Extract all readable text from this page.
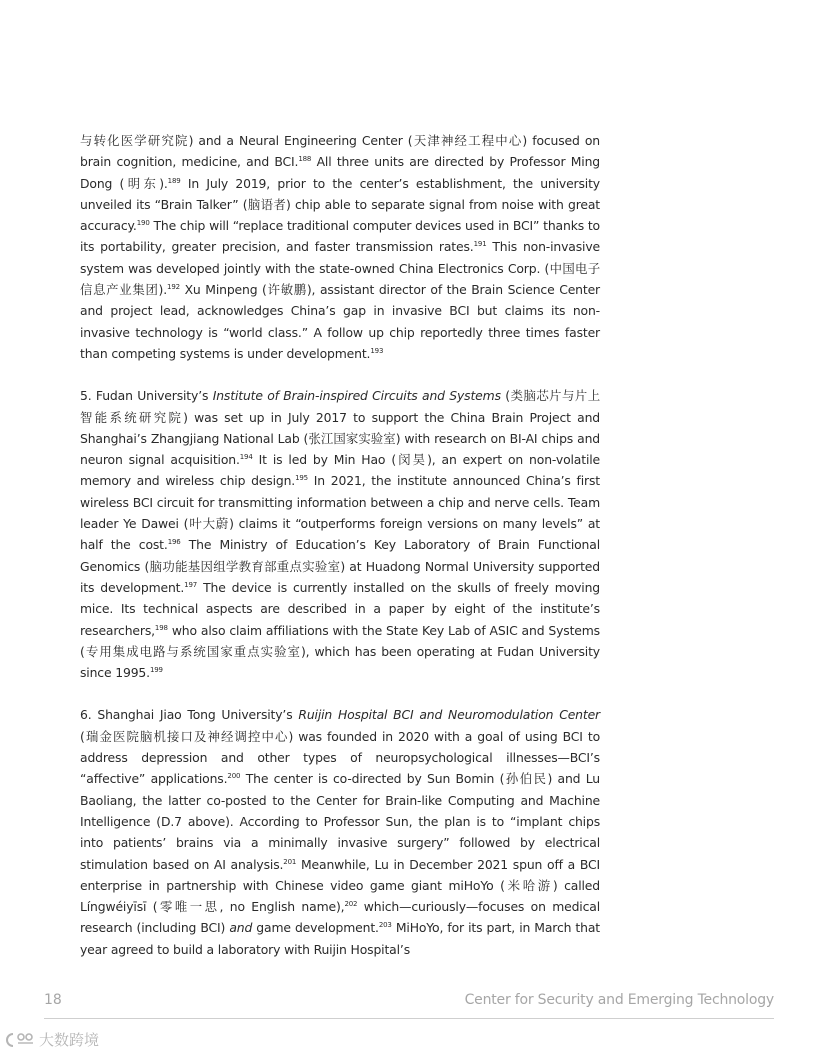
与转化医学研究院) and a Neural Engineering Center (天津神经工程中心) focused on brain cognition, medicine, and BCI.$^{188}$ All three units are directed by Professor Ming Dong (明东).$^{189}$ In July 2019, prior to the center’s establishment, the university unveiled its “Brain Talker” (脑语者) chip able to separate signal from noise with great accuracy.$^{190}$ The chip will “replace traditional computer devices used in BCI” thanks to its portability, greater precision, and faster transmission rates.$^{191}$ This non-invasive system was developed jointly with the state-owned China Electronics Corp. (中国电子信息产业集团).$^{192}$ Xu Minpeng (许敏鹏), assistant director of the Brain Science Center and project lead, acknowledges China’s gap in invasive BCI but claims its non-invasive technology is “world class.” A follow up chip reportedly three times faster than competing systems is under development.$^{193}$

5. Fudan University’s Institute of Brain-inspired Circuits and Systems (类脑芯片与片上智能系统研究院) was set up in July 2017 to support the China Brain Project and Shanghai’s Zhangjiang National Lab (张江国家实验室) with research on BI-AI chips and neuron signal acquisition.$^{194}$ It is led by Min Hao (闵昊), an expert on non-volatile memory and wireless chip design.$^{195}$ In 2021, the institute announced China’s first wireless BCI circuit for transmitting information between a chip and nerve cells. Team leader Ye Dawei (叶大蔚) claims it “outperforms foreign versions on many levels” at half the cost.$^{196}$ The Ministry of Education’s Key Laboratory of Brain Functional Genomics (脑功能基因组学教育部重点实验室) at Huadong Normal University supported its development.$^{197}$ The device is currently installed on the skulls of freely moving mice. Its technical aspects are described in a paper by eight of the institute’s researchers,$^{198}$ who also claim affiliations with the State Key Lab of ASIC and Systems (专用集成电路与系统国家重点实验室), which has been operating at Fudan University since 1995.$^{199}$

6. Shanghai Jiao Tong University’s Ruijin Hospital BCI and Neuromodulation Center (瑞金医院脑机接口及神经调控中心) was founded in 2020 with a goal of using BCI to address depression and other types of neuropsychological illnesses—BCI’s “affective” applications.$^{200}$ The center is co-directed by Sun Bomin (孙伯民) and Lu Baoliang, the latter co-posted to the Center for Brain-like Computing and Machine Intelligence (D.7 above). According to Professor Sun, the plan is to “implant chips into patients’ brains via a minimally invasive surgery” followed by electrical stimulation based on AI analysis.$^{201}$ Meanwhile, Lu in December 2021 spun off a BCI enterprise in partnership with Chinese video game giant miHoYo (米哈游) called Língwéiyīsī (零唯一思, no English name),$^{202}$ which—curiously—focuses on medical research (including BCI) and game development.$^{203}$ MiHoYo, for its part, in March that year agreed to build a laboratory with Ruijin Hospital’s

18	Center for Security and Emerging Technology
大数跨境
